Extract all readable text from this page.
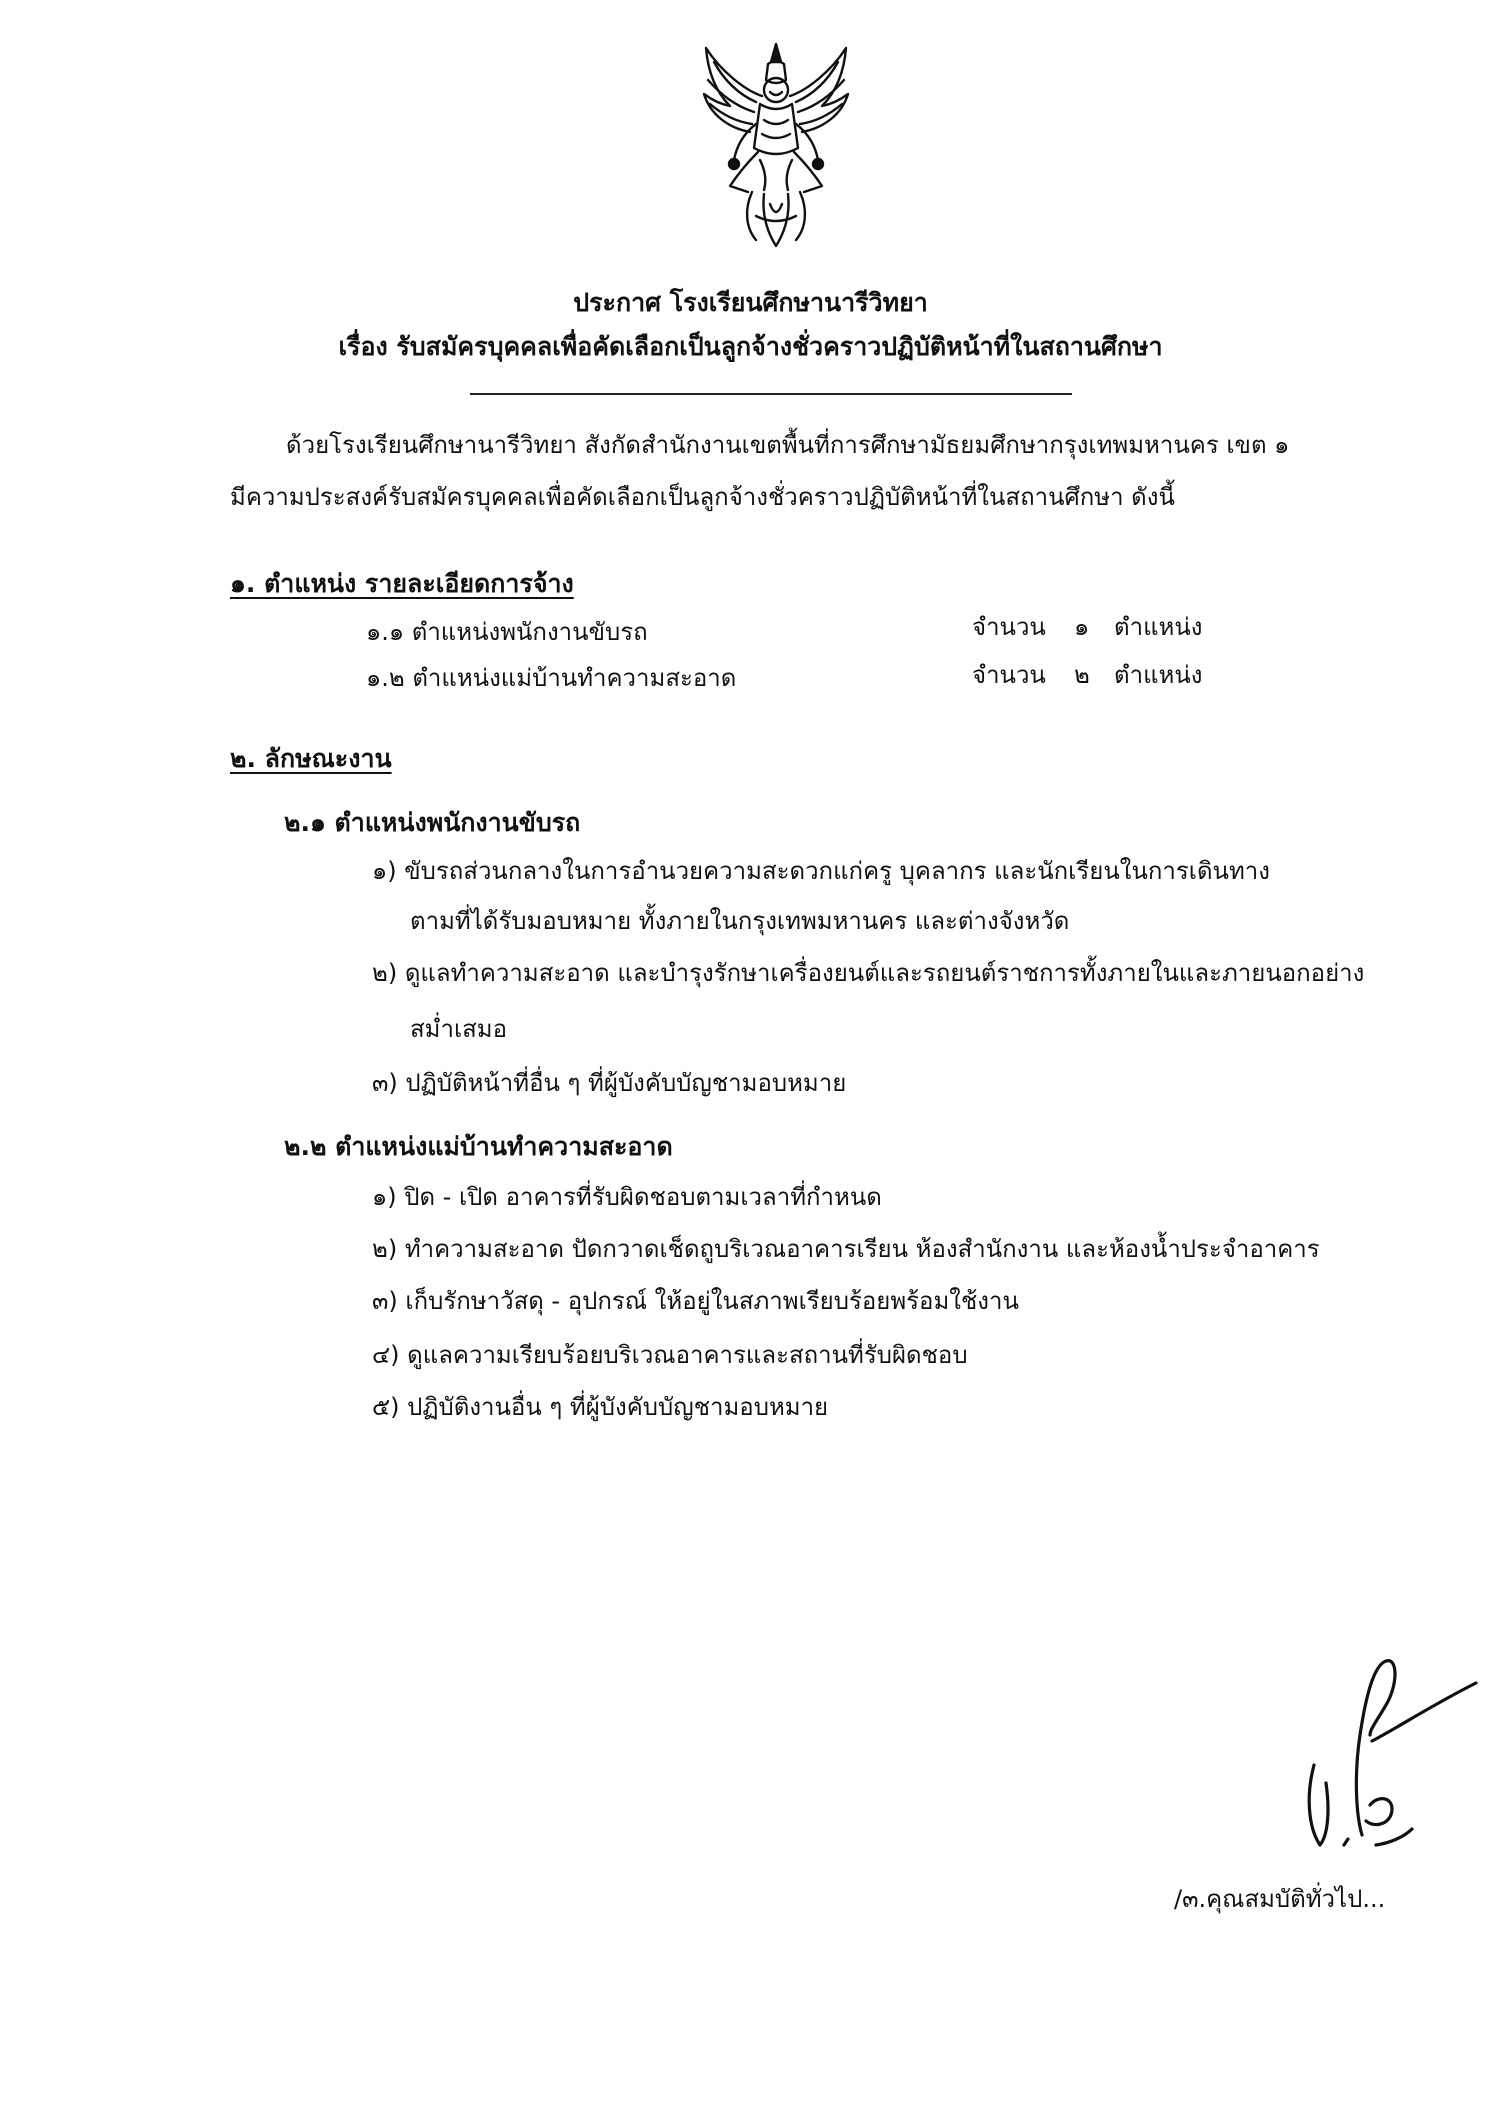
ประกาศ โรงเรียนศึกษานารีวิทยา
เรื่อง รับสมัครบุคคลเพื่อคัดเลือกเป็นลูกจ้างชั่วคราวปฏิบัติหน้าที่ในสถานศึกษา
ด้วยโรงเรียนศึกษานารีวิทยา สังกัดสำนักงานเขตพื้นที่การศึกษามัธยมศึกษากรุงเทพมหานคร เขต ๑
มีความประสงค์รับสมัครบุคคลเพื่อคัดเลือกเป็นลูกจ้างชั่วคราวปฏิบัติหน้าที่ในสถานศึกษา ดังนี้
๑. ตำแหน่ง รายละเอียดการจ้าง
๑.๑ ตำแหน่งพนักงานขับรถ	จำนวน ๑ ตำแหน่ง
๑.๒ ตำแหน่งแม่บ้านทำความสะอาด	จำนวน ๒ ตำแหน่ง
๒. ลักษณะงาน
๒.๑ ตำแหน่งพนักงานขับรถ
๑) ขับรถส่วนกลางในการอำนวยความสะดวกแก่ครู บุคลากร และนักเรียนในการเดินทาง
ตามที่ได้รับมอบหมาย ทั้งภายในกรุงเทพมหานคร และต่างจังหวัด
๒) ดูแลทำความสะอาด และบำรุงรักษาเครื่องยนต์และรถยนต์ราชการทั้งภายในและภายนอกอย่าง
สม่ำเสมอ
๓) ปฏิบัติหน้าที่อื่น ๆ ที่ผู้บังคับบัญชามอบหมาย
๒.๒ ตำแหน่งแม่บ้านทำความสะอาด
๑) ปิด - เปิด อาคารที่รับผิดชอบตามเวลาที่กำหนด
๒) ทำความสะอาด ปัดกวาดเช็ดถูบริเวณอาคารเรียน ห้องสำนักงาน และห้องน้ำประจำอาคาร
๓) เก็บรักษาวัสดุ - อุปกรณ์ ให้อยู่ในสภาพเรียบร้อยพร้อมใช้งาน
๔) ดูแลความเรียบร้อยบริเวณอาคารและสถานที่รับผิดชอบ
๕) ปฏิบัติงานอื่น ๆ ที่ผู้บังคับบัญชามอบหมาย
/๓.คุณสมบัติทั่วไป...
